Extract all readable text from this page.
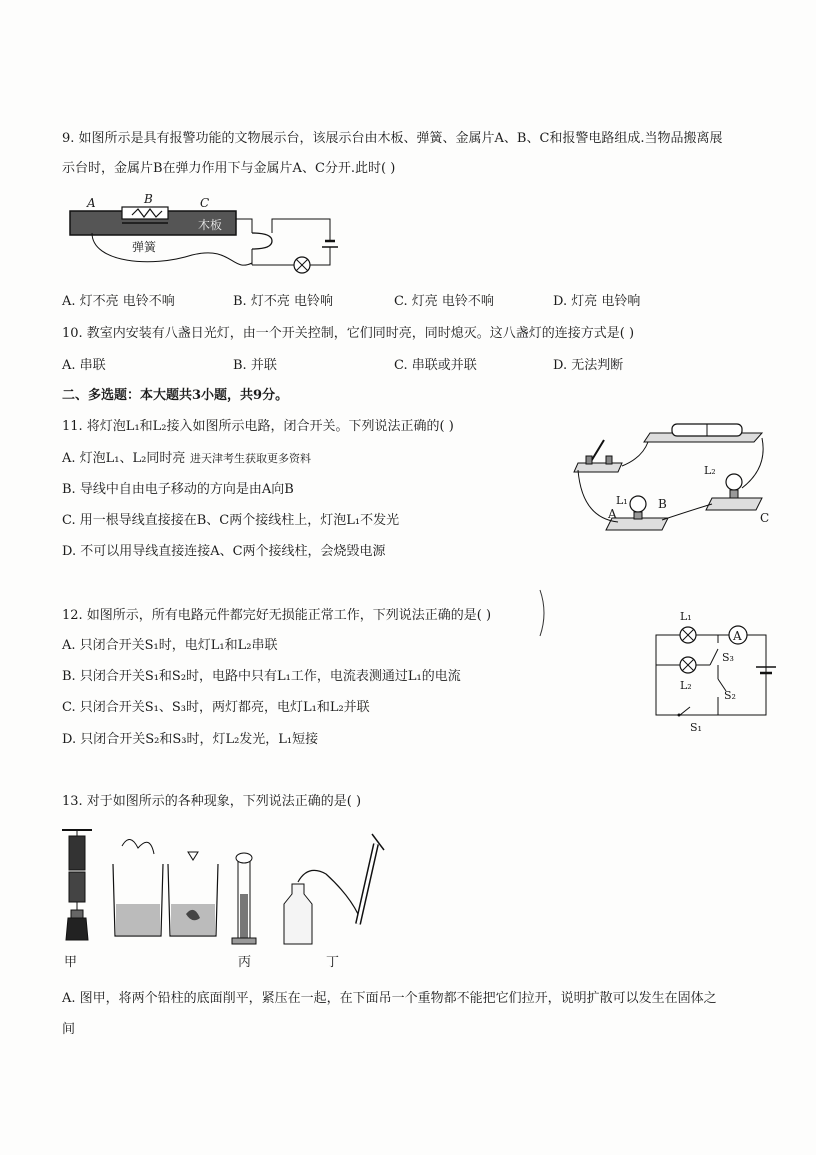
9. 如图所示是具有报警功能的文物展示台，该展示台由木板、弹簧、金属片A、B、C和报警电路组成.当物品搬离展
示台时，金属片B在弹力作用下与金属片A、C分开.此时( )
A	B	C
木板
弹簧
A. 灯不亮 电铃不响	B. 灯不亮 电铃响	C. 灯亮 电铃不响	D. 灯亮 电铃响
10. 教室内安装有八盏日光灯，由一个开关控制，它们同时亮，同时熄灭。这八盏灯的连接方式是( )
A. 串联	B. 并联	C. 串联或并联	D. 无法判断
二、多选题：本大题共3小题，共9分。
11. 将灯泡L₁和L₂接入如图所示电路，闭合开关。下列说法正确的( )
A. 灯泡L₁、L₂同时亮 进天津考生获取更多资料
B. 导线中自由电子移动的方向是由A向B
C. 用一根导线直接接在B、C两个接线柱上，灯泡L₁不发光
D. 不可以用导线直接连接A、C两个接线柱，会烧毁电源
L₂
C
L₁
A
B
12. 如图所示，所有电路元件都完好无损能正常工作，下列说法正确的是( )
A. 只闭合开关S₁时，电灯L₁和L₂串联
B. 只闭合开关S₁和S₂时，电路中只有L₁工作，电流表测通过L₁的电流
C. 只闭合开关S₁、S₃时，两灯都亮，电灯L₁和L₂并联
D. 只闭合开关S₂和S₃时，灯L₂发光，L₁短接
L₁
A
L₂
S₃
S₂
S₁
13. 对于如图所示的各种现象，下列说法正确的是( )
甲	丙	丁
A. 图甲，将两个铅柱的底面削平，紧压在一起，在下面吊一个重物都不能把它们拉开，说明扩散可以发生在固体之
间
